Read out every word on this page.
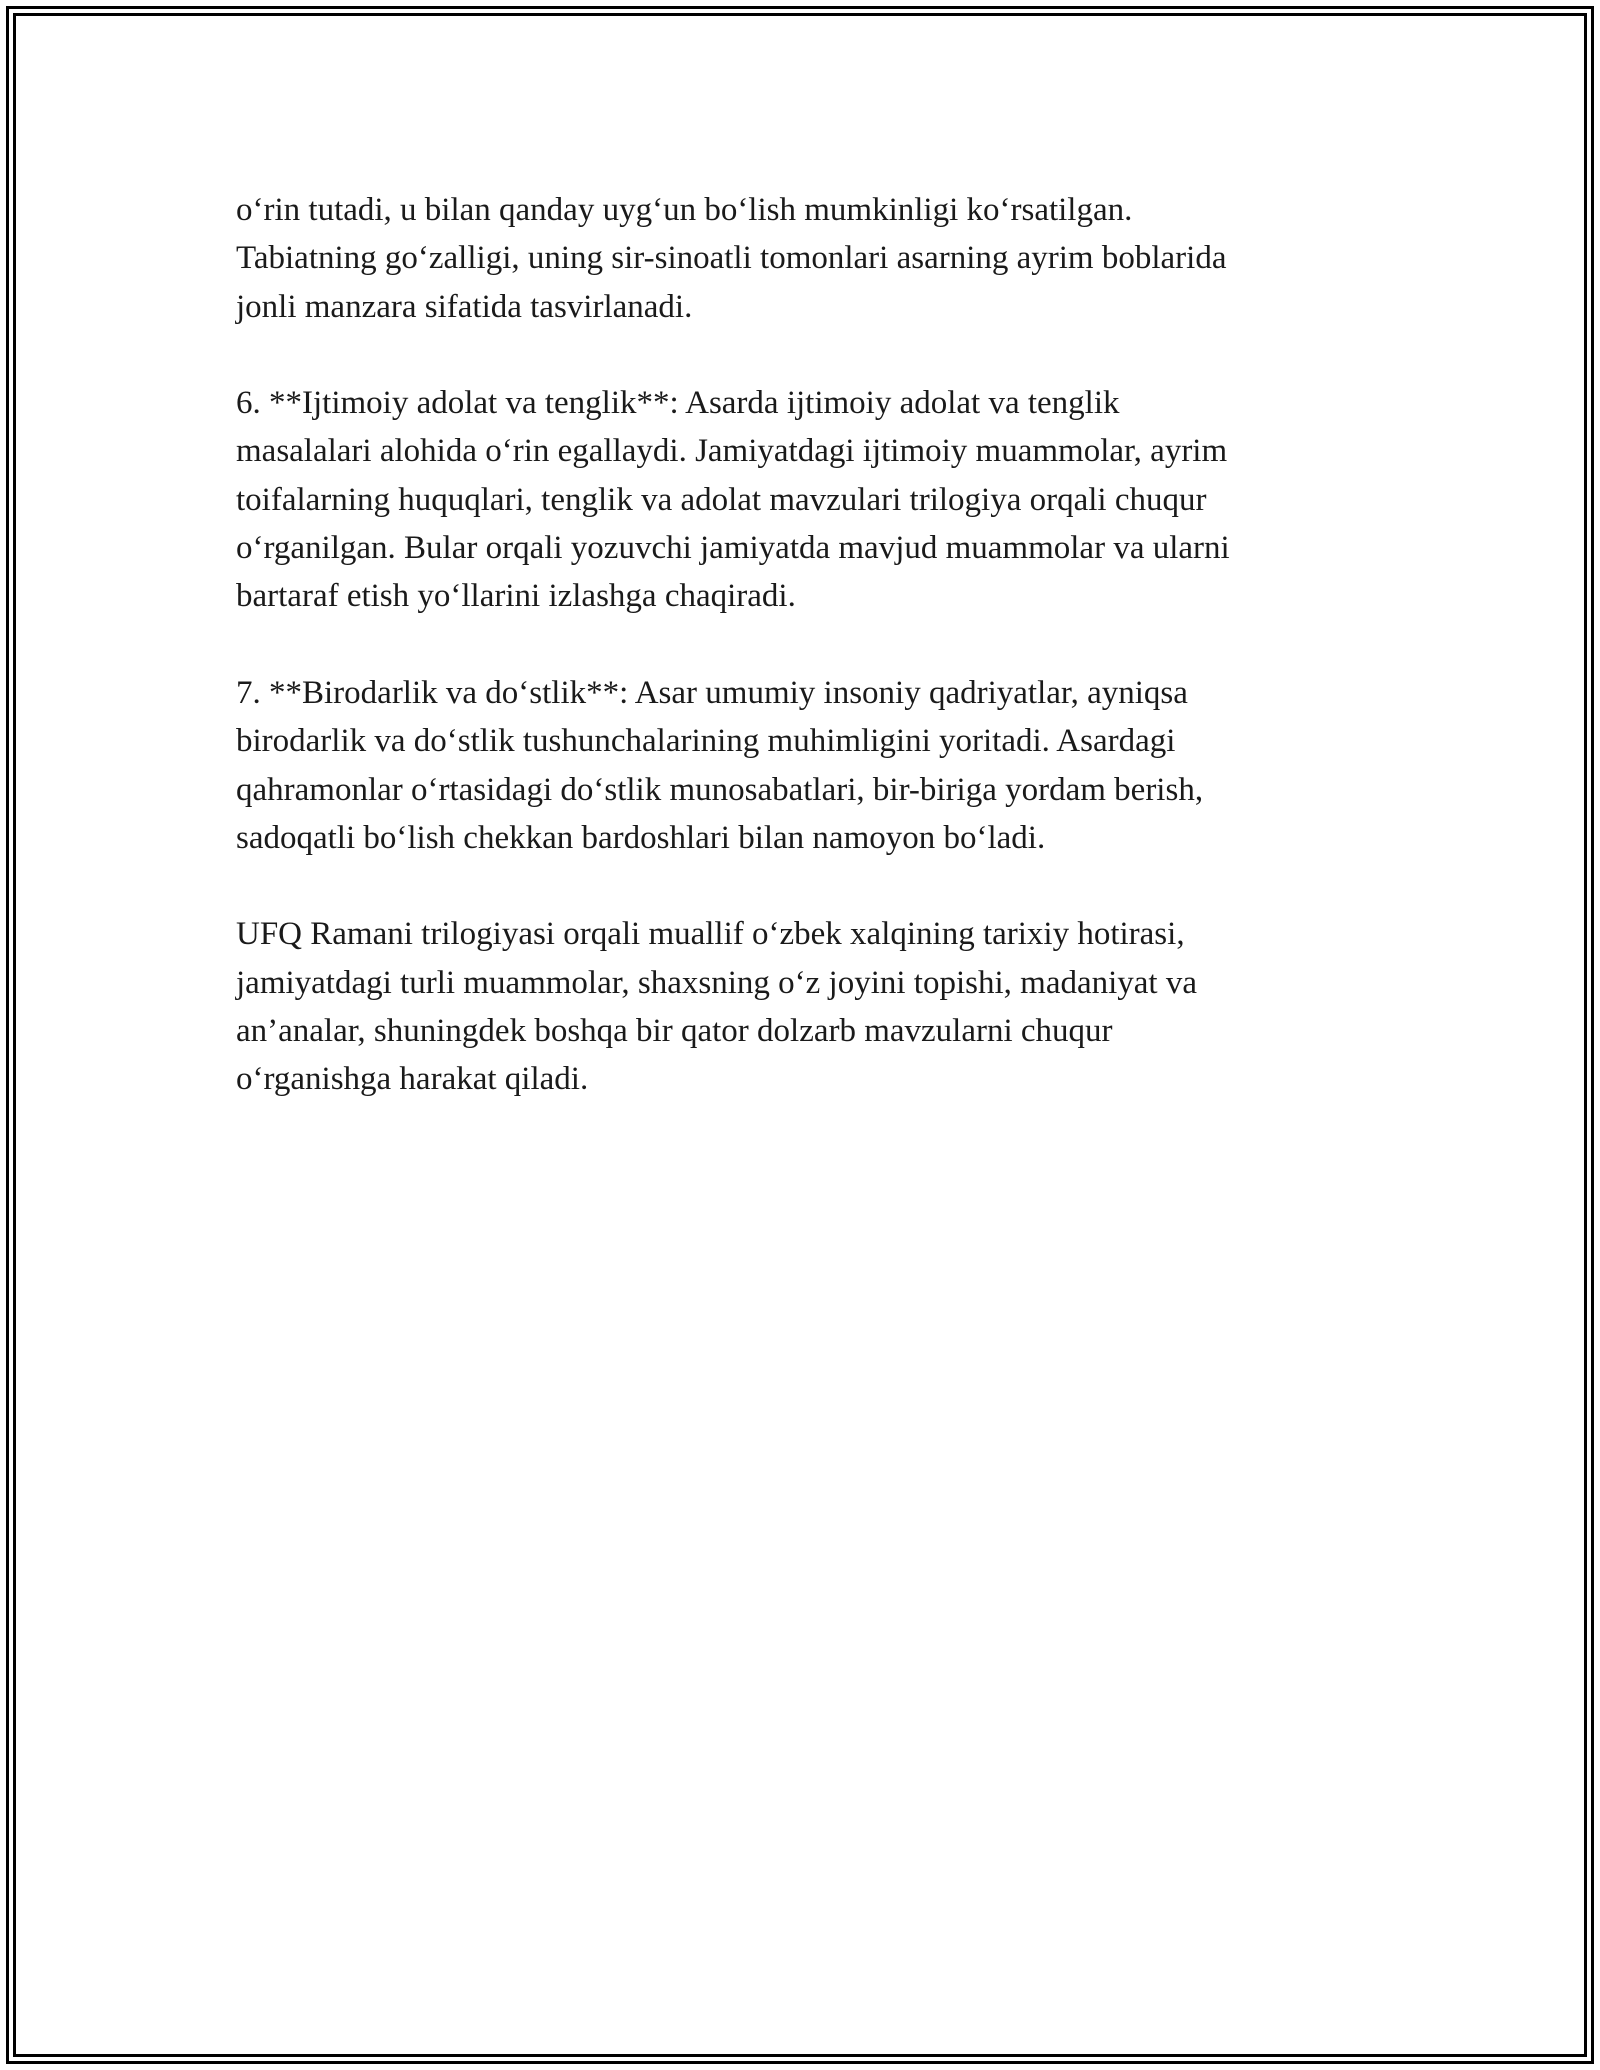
o‘rin tutadi, u bilan qanday uyg‘un bo‘lish mumkinligi ko‘rsatilgan.
Tabiatning go‘zalligi, uning sir-sinoatli tomonlari asarning ayrim boblarida
jonli manzara sifatida tasvirlanadi.

6. **Ijtimoiy adolat va tenglik**: Asarda ijtimoiy adolat va tenglik
masalalari alohida o‘rin egallaydi. Jamiyatdagi ijtimoiy muammolar, ayrim
toifalarning huquqlari, tenglik va adolat mavzulari trilogiya orqali chuqur
o‘rganilgan. Bular orqali yozuvchi jamiyatda mavjud muammolar va ularni
bartaraf etish yo‘llarini izlashga chaqiradi.

7. **Birodarlik va do‘stlik**: Asar umumiy insoniy qadriyatlar, ayniqsa
birodarlik va do‘stlik tushunchalarining muhimligini yoritadi. Asardagi
qahramonlar o‘rtasidagi do‘stlik munosabatlari, bir-biriga yordam berish,
sadoqatli bo‘lish chekkan bardoshlari bilan namoyon bo‘ladi.

UFQ Ramani trilogiyasi orqali muallif o‘zbek xalqining tarixiy hotirasi,
jamiyatdagi turli muammolar, shaxsning o‘z joyini topishi, madaniyat va
an’analar, shuningdek boshqa bir qator dolzarb mavzularni chuqur
o‘rganishga harakat qiladi.
